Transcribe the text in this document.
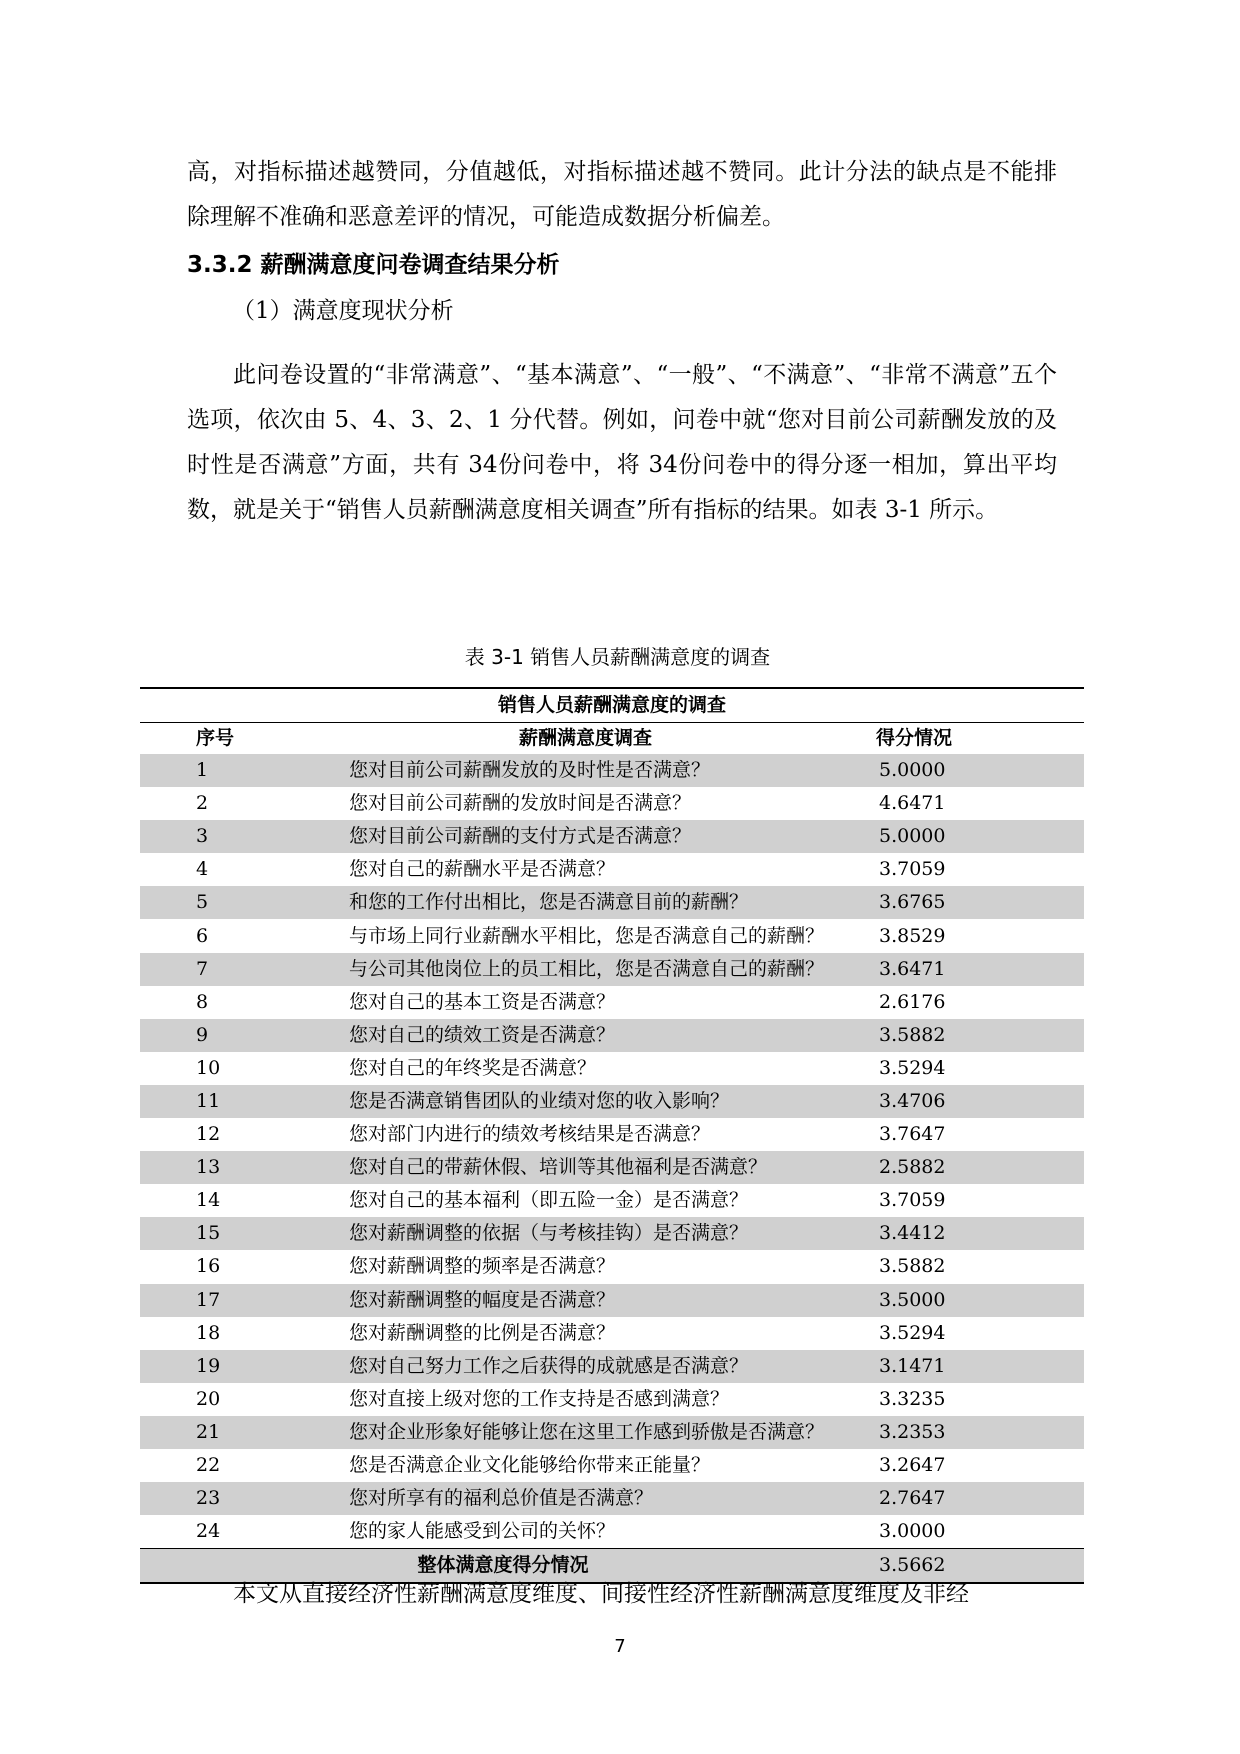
高，对指标描述越赞同，分值越低，对指标描述越不赞同。此计分法的缺点是不能排除理解不准确和恶意差评的情况，可能造成数据分析偏差。

3.3.2 薪酬满意度问卷调查结果分析

（1）满意度现状分析

此问卷设置的“非常满意”、“基本满意”、“一般”、“不满意”、“非常不满意”五个选项，依次由 5、4、3、2、1 分代替。例如，问卷中就“您对目前公司薪酬发放的及时性是否满意”方面，共有 34份问卷中，将 34份问卷中的得分逐一相加，算出平均数，就是关于“销售人员薪酬满意度相关调查”所有指标的结果。如表 3-1 所示。

表 3-1 销售人员薪酬满意度的调查

销售人员薪酬满意度的调查		
序号	薪酬满意度调查	得分情况
1	您对目前公司薪酬发放的及时性是否满意？	5.0000
2	您对目前公司薪酬的发放时间是否满意？	4.6471
3	您对目前公司薪酬的支付方式是否满意？	5.0000
4	您对自己的薪酬水平是否满意？	3.7059
5	和您的工作付出相比，您是否满意目前的薪酬？	3.6765
6	与市场上同行业薪酬水平相比，您是否满意自己的薪酬？	3.8529
7	与公司其他岗位上的员工相比，您是否满意自己的薪酬？	3.6471
8	您对自己的基本工资是否满意？	2.6176
9	您对自己的绩效工资是否满意？	3.5882
10	您对自己的年终奖是否满意？	3.5294
11	您是否满意销售团队的业绩对您的收入影响？	3.4706
12	您对部门内进行的绩效考核结果是否满意？	3.7647
13	您对自己的带薪休假、培训等其他福利是否满意？	2.5882
14	您对自己的基本福利（即五险一金）是否满意？	3.7059
15	您对薪酬调整的依据（与考核挂钩）是否满意？	3.4412
16	您对薪酬调整的频率是否满意？	3.5882
17	您对薪酬调整的幅度是否满意？	3.5000
18	您对薪酬调整的比例是否满意？	3.5294
19	您对自己努力工作之后获得的成就感是否满意？	3.1471
20	您对直接上级对您的工作支持是否感到满意？	3.3235
21	您对企业形象好能够让您在这里工作感到骄傲是否满意？	3.2353
22	您是否满意企业文化能够给你带来正能量？	3.2647
23	您对所享有的福利总价值是否满意？	2.7647
24	您的家人能感受到公司的关怀？	3.0000
整体满意度得分情况		3.5662

本文从直接经济性薪酬满意度维度、间接性经济性薪酬满意度维度及非经

7
